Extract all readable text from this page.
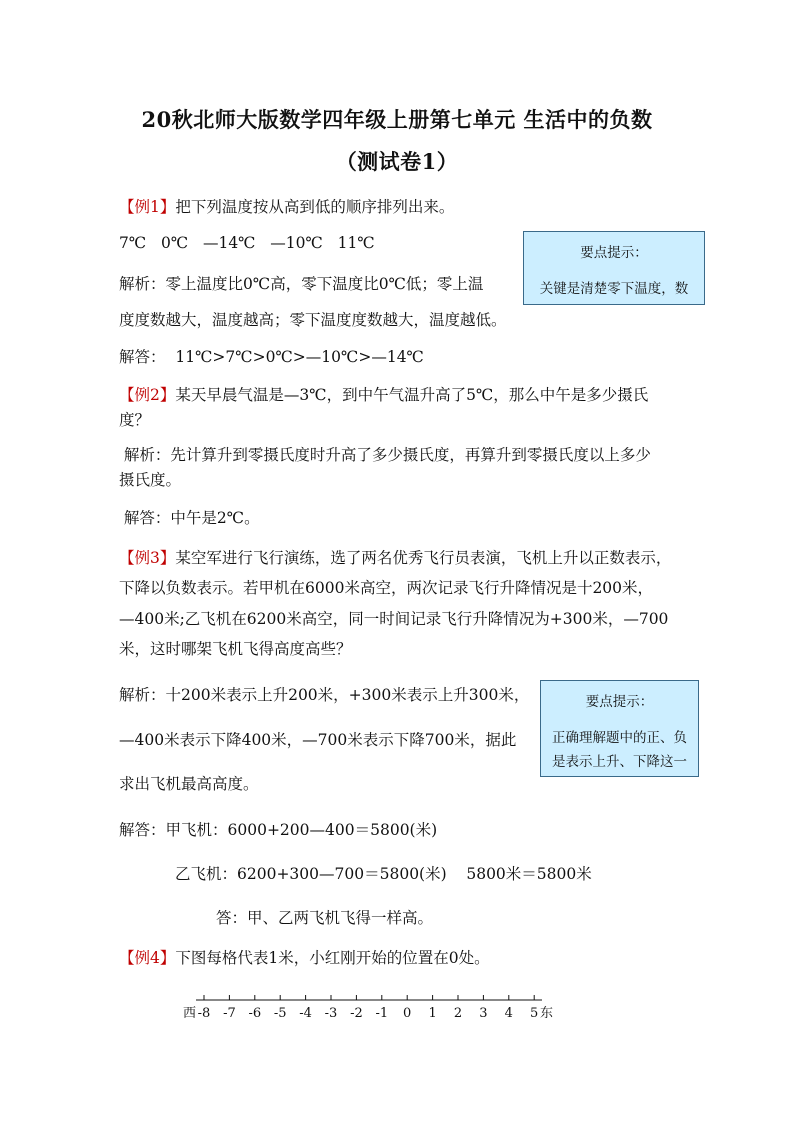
20秋北师大版数学四年级上册第七单元 生活中的负数
（测试卷1）
【例1】把下列温度按从高到低的顺序排列出来。
7℃   0℃   —14℃   —10℃   11℃
解析：零上温度比0℃高，零下温度比0℃低；零上温
度度数越大，温度越高；零下温度度数越大，温度越低。
解答：  11℃>7℃>0℃>—10℃>—14℃
要点提示：
关键是清楚零下温度，数
【例2】某天早晨气温是—3℃，到中午气温升高了5℃，那么中午是多少摄氏
度？
解析：先计算升到零摄氏度时升高了多少摄氏度，再算升到零摄氏度以上多少
摄氏度。
解答：中午是2℃。
【例3】某空军进行飞行演练，选了两名优秀飞行员表演，飞机上升以正数表示，
下降以负数表示。若甲机在6000米高空，两次记录飞行升降情况是十200米，
—400米;乙飞机在6200米高空，同一时间记录飞行升降情况为+300米，—700
米，这时哪架飞机飞得高度高些？
解析：十200米表示上升200米，+300米表示上升300米，
—400米表示下降400米，—700米表示下降700米，据此
求出飞机最高高度。
要点提示：
正确理解题中的正、负
是表示上升、下降这一
解答：甲飞机：6000+200—400＝5800(米)
乙飞机：6200+300—700＝5800(米)    5800米＝5800米
答：甲、乙两飞机飞得一样高。
【例4】下图每格代表1米，小红刚开始的位置在0处。
-8 -7 -6 -5 -4 -3 -2 -1 0 1 2 3 4 5
西	东
